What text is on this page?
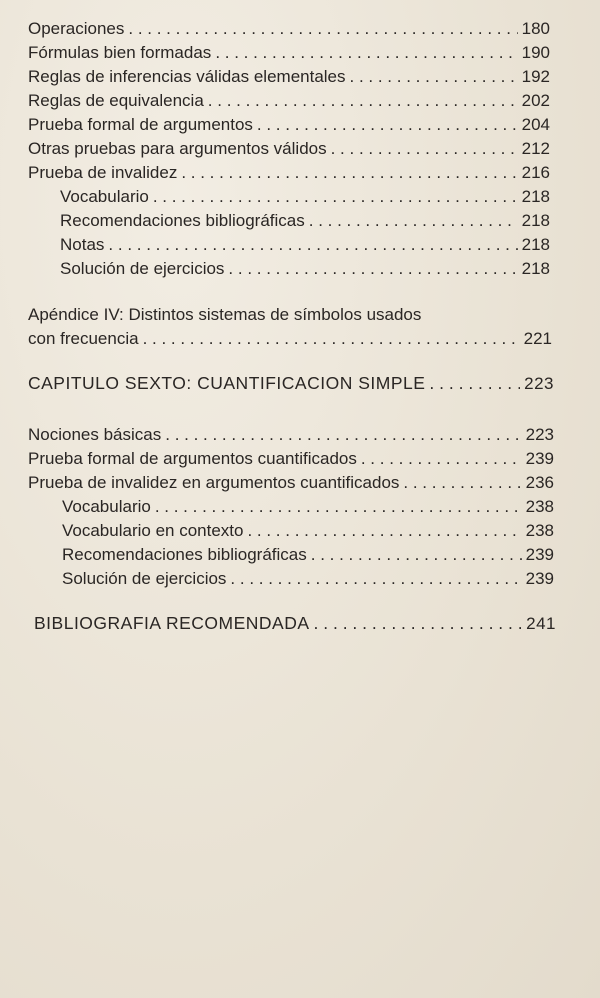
Operaciones . . .	180
Fórmulas bien formadas . . .	190
Reglas de inferencias válidas elementales . . .	192
Reglas de equivalencia . . .	202
Prueba formal de argumentos . . .	204
Otras pruebas para argumentos válidos . . .	212
Prueba de invalidez . . .	216
Vocabulario . . .	218
Recomendaciones bibliográficas . . .	218
Notas . . .	218
Solución de ejercicios . . .	218
Apéndice IV: Distintos sistemas de símbolos usados
con frecuencia . . .	221
CAPITULO SEXTO: CUANTIFICACION SIMPLE . . .	223
Nociones básicas . . .	223
Prueba formal de argumentos cuantificados . . .	239
Prueba de invalidez en argumentos cuantificados . . .	236
Vocabulario . . .	238
Vocabulario en contexto . . .	238
Recomendaciones bibliográficas . . .	239
Solución de ejercicios . . .	239
BIBLIOGRAFIA RECOMENDADA . . .	241
